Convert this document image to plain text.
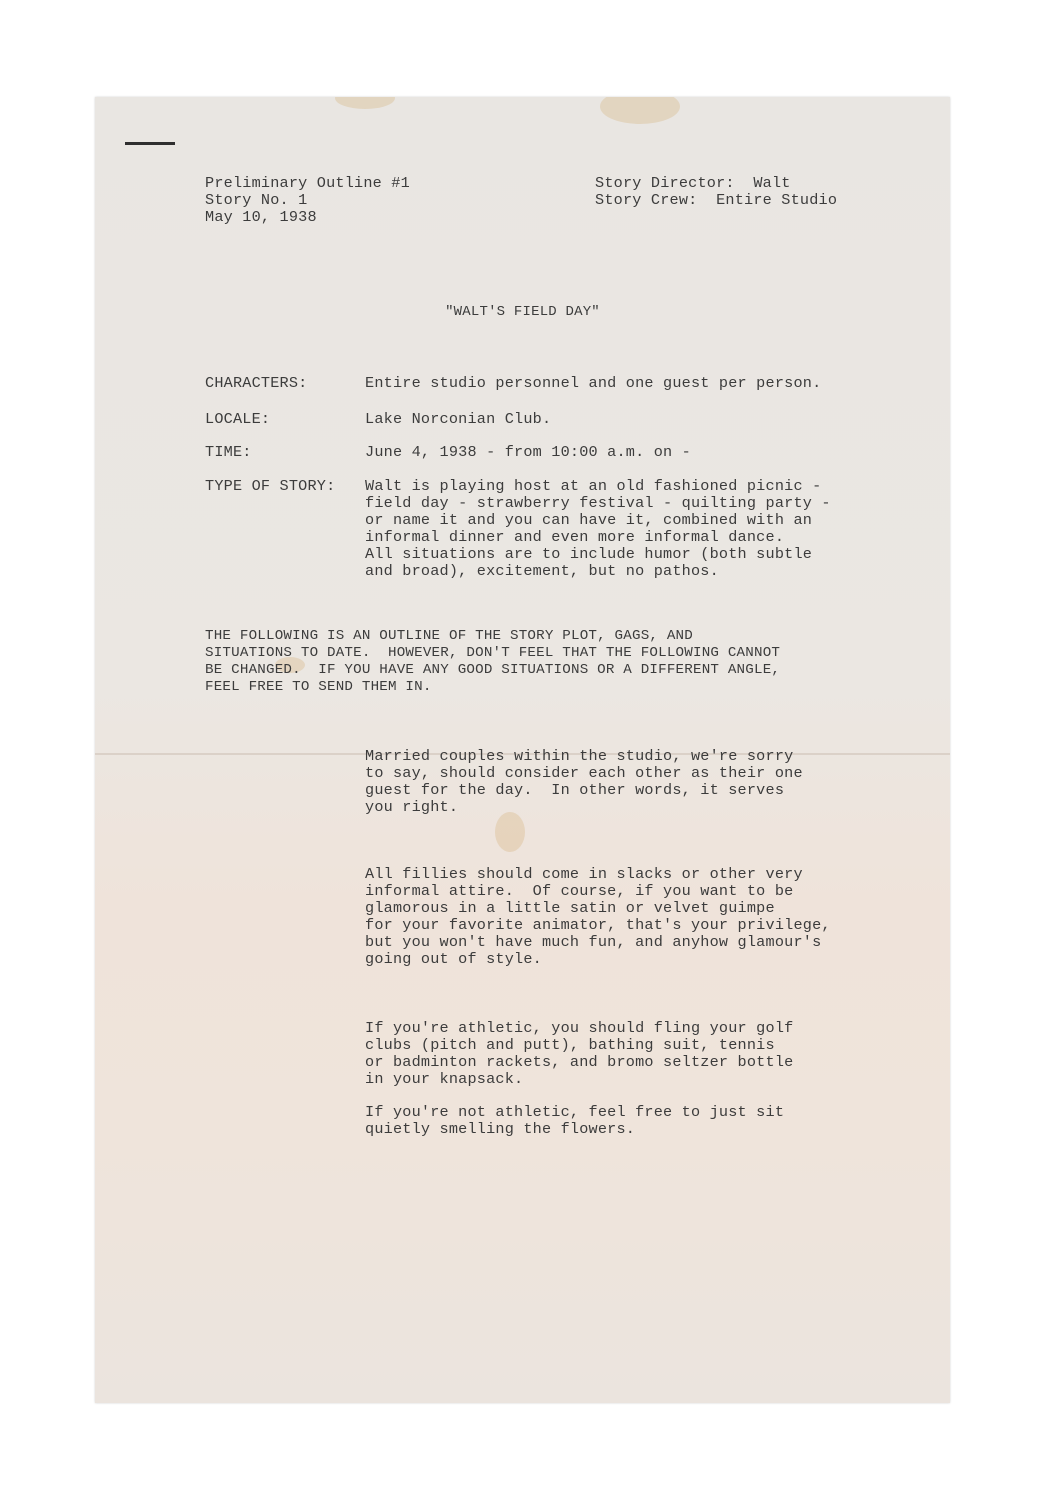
Preliminary Outline #1
Story No. 1
May 10, 1938
Story Director:  Walt
Story Crew:  Entire Studio
"WALT'S FIELD DAY"
CHARACTERS:	Entire studio personnel and one guest per person.
LOCALE:	Lake Norconian Club.
TIME:	June 4, 1938 - from 10:00 a.m. on -
TYPE OF STORY: Walt is playing host at an old fashioned picnic -
field day - strawberry festival - quilting party -
or name it and you can have it, combined with an
informal dinner and even more informal dance.
All situations are to include humor (both subtle
and broad), excitement, but no pathos.
THE FOLLOWING IS AN OUTLINE OF THE STORY PLOT, GAGS, AND
SITUATIONS TO DATE.  HOWEVER, DON'T FEEL THAT THE FOLLOWING CANNOT
BE CHANGED.  IF YOU HAVE ANY GOOD SITUATIONS OR A DIFFERENT ANGLE,
FEEL FREE TO SEND THEM IN.
Married couples within the studio, we're sorry
to say, should consider each other as their one
guest for the day.  In other words, it serves
you right.
All fillies should come in slacks or other very
informal attire.  Of course, if you want to be
glamorous in a little satin or velvet guimpe
for your favorite animator, that's your privilege,
but you won't have much fun, and anyhow glamour's
going out of style.
If you're athletic, you should fling your golf
clubs (pitch and putt), bathing suit, tennis
or badminton rackets, and bromo seltzer bottle
in your knapsack.
If you're not athletic, feel free to just sit
quietly smelling the flowers.
